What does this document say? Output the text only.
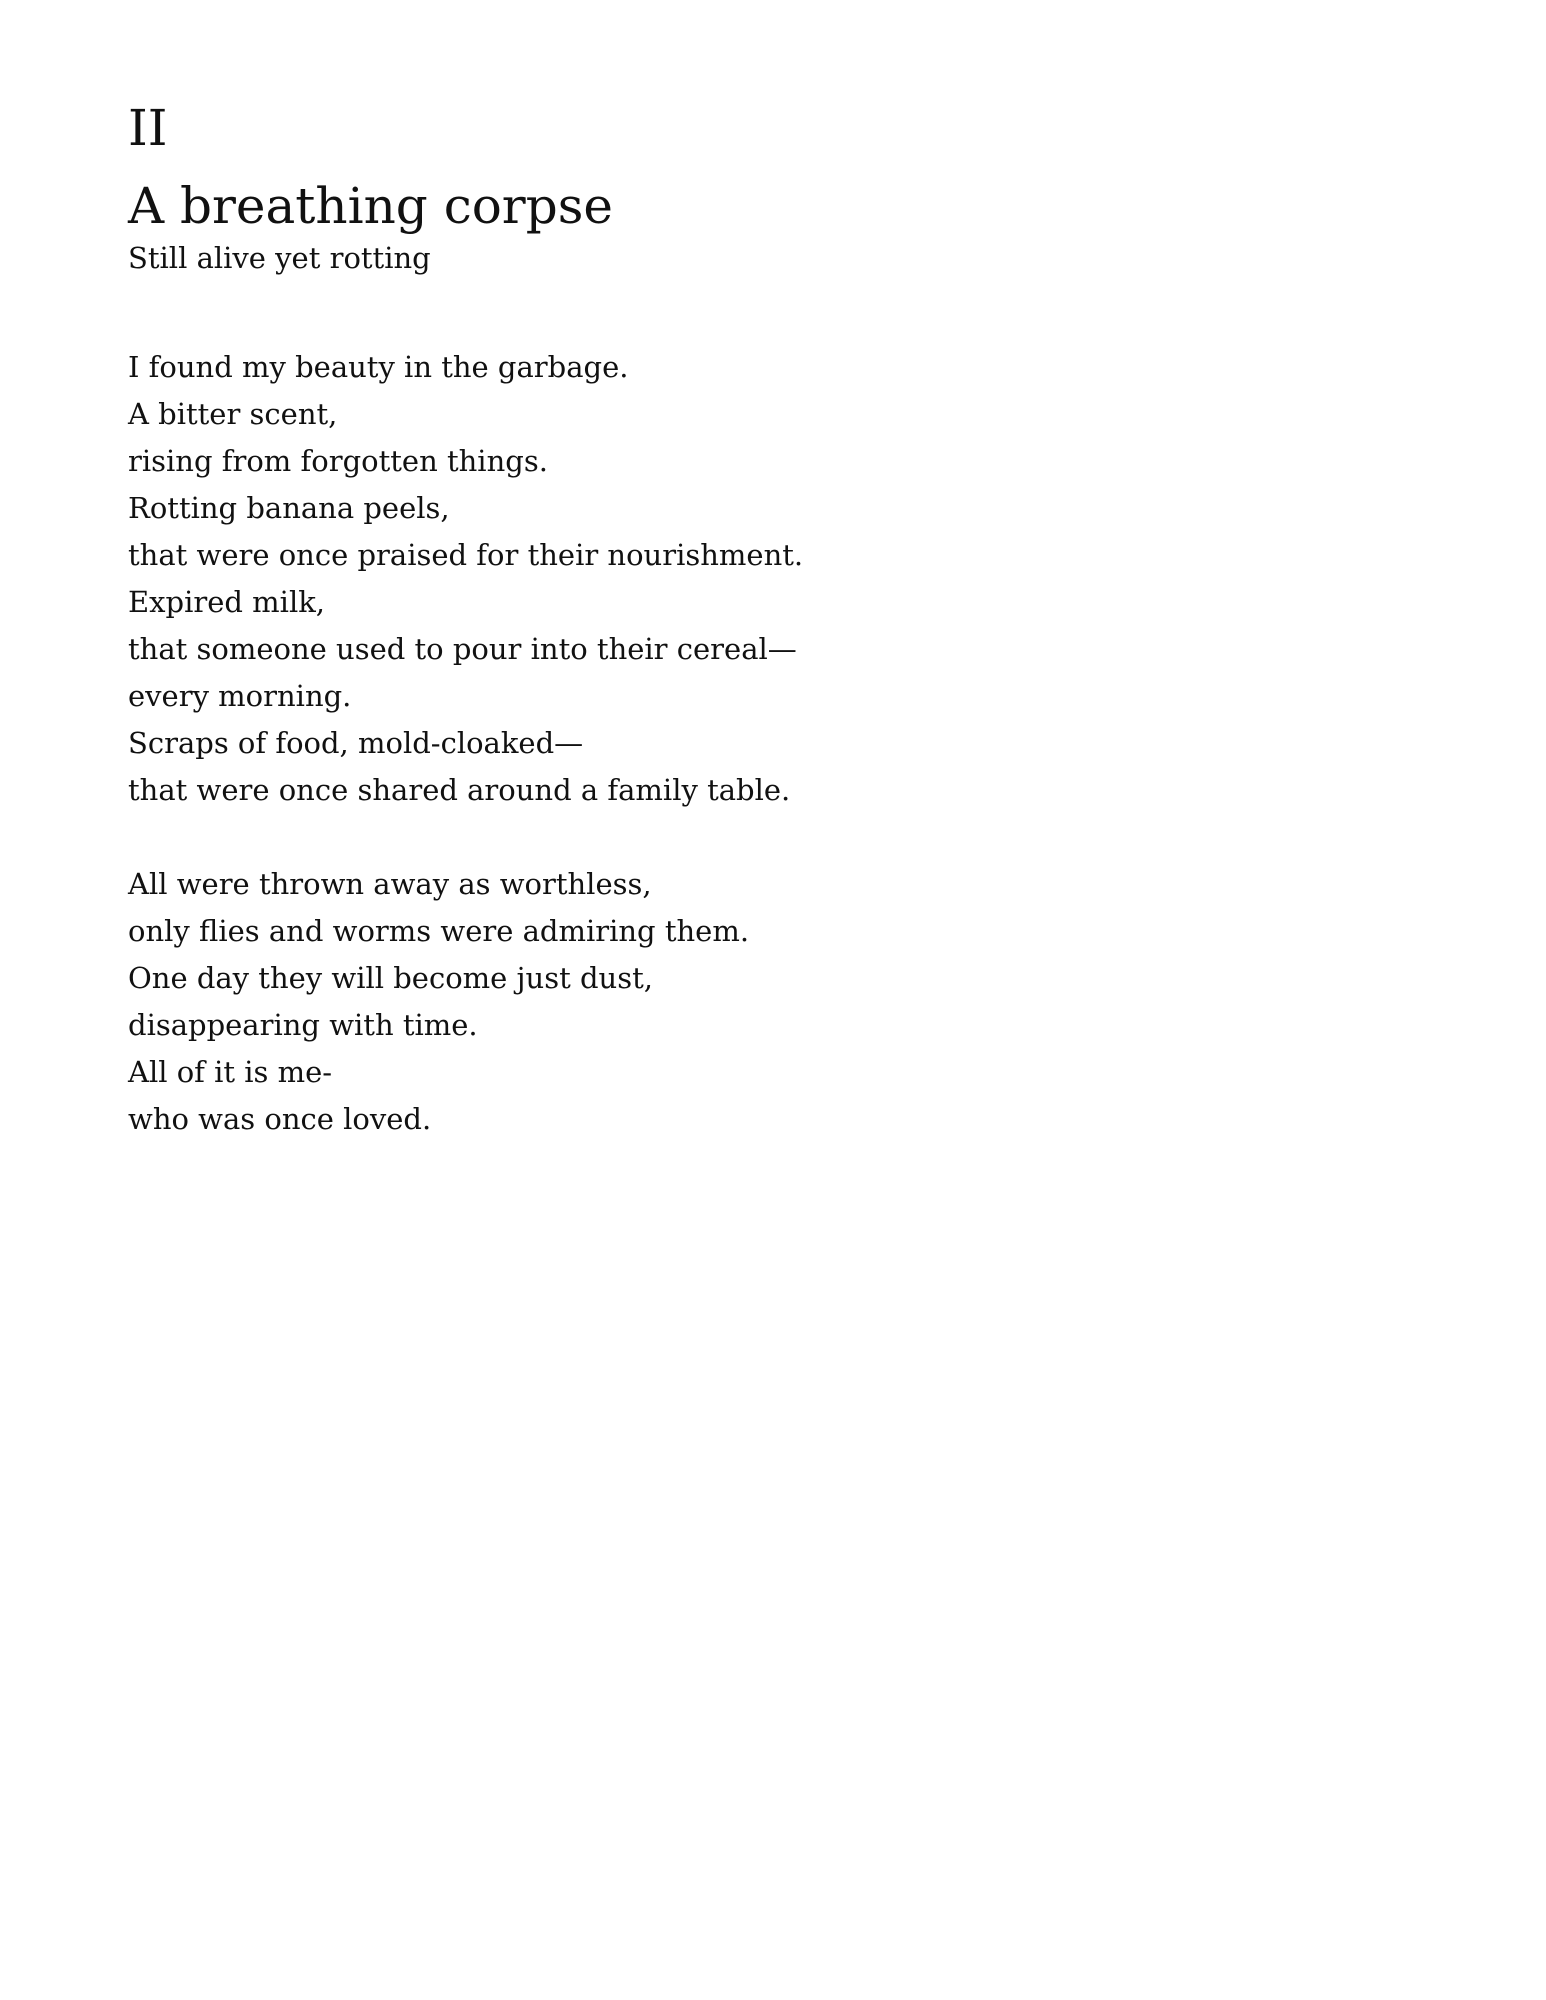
II
A breathing corpse
Still alive yet rotting
I found my beauty in the garbage.
A bitter scent,
rising from forgotten things.
Rotting banana peels,
that were once praised for their nourishment.
Expired milk,
that someone used to pour into their cereal—
every morning.
Scraps of food, mold-cloaked—
that were once shared around a family table.
All were thrown away as worthless,
only flies and worms were admiring them.
One day they will become just dust,
disappearing with time.
All of it is me-
who was once loved.
